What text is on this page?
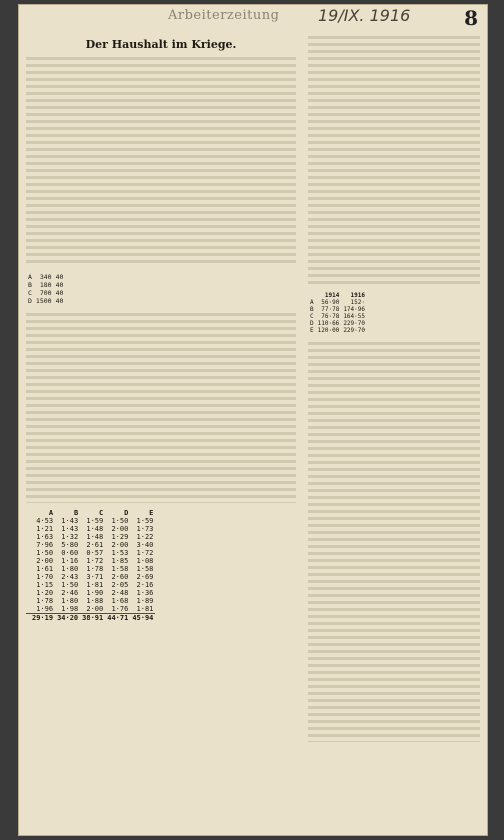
Arbeiterzeitung	19/IX. 1916	8
Der Haushalt im Kriege.
A	340	40
B	180	40
C	700	40
D	1500	40
	A	B	C	D	E
	4·53	1·43	1·59	1·50	1·59
	1·21	1·43	1·48	2·00	1·73
	1·63	1·32	1·48	1·29	1·22
	7·96	5·80	2·61	2·00	3·40
	1·50	0·60	0·57	1·53	1·72
	2·00	1·16	1·72	1·85	1·08
	1·61	1·80	1·78	1·58	1·58
	1·70	2·43	3·71	2·60	2·69
	1·15	1·50	1·81	2·05	2·16
	1·20	2·46	1·90	2·48	1·36
	1·78	1·80	1·88	1·68	1·89
	1·96	1·98	2·00	1·76	1·81
	29·19	34·20	38·91	44·71	45·94
	1914	1916
A	56·90	152·
B	77·78	174·96
C	76·78	164·55
D	110·66	229·70
E	120·00	229·70
